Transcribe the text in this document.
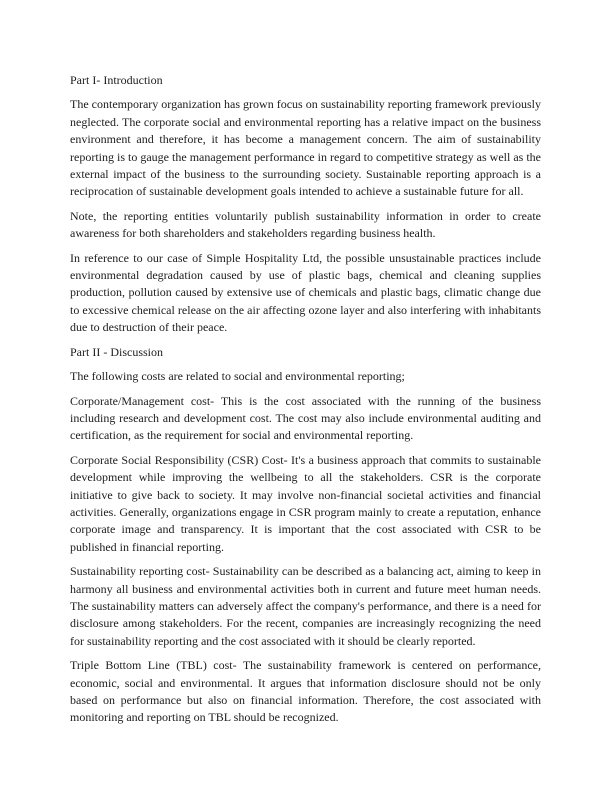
Part I- Introduction

The contemporary organization has grown focus on sustainability reporting framework previously neglected. The corporate social and environmental reporting has a relative impact on the business environment and therefore, it has become a management concern. The aim of sustainability reporting is to gauge the management performance in regard to competitive strategy as well as the external impact of the business to the surrounding society. Sustainable reporting approach is a reciprocation of sustainable development goals intended to achieve a sustainable future for all.

Note, the reporting entities voluntarily publish sustainability information in order to create awareness for both shareholders and stakeholders regarding business health.

In reference to our case of Simple Hospitality Ltd, the possible unsustainable practices include environmental degradation caused by use of plastic bags, chemical and cleaning supplies production, pollution caused by extensive use of chemicals and plastic bags, climatic change due to excessive chemical release on the air affecting ozone layer and also interfering with inhabitants due to destruction of their peace.

Part II - Discussion

The following costs are related to social and environmental reporting;

Corporate/Management cost- This is the cost associated with the running of the business including research and development cost. The cost may also include environmental auditing and certification, as the requirement for social and environmental reporting.

Corporate Social Responsibility (CSR) Cost- It's a business approach that commits to sustainable development while improving the wellbeing to all the stakeholders. CSR is the corporate initiative to give back to society. It may involve non-financial societal activities and financial activities. Generally, organizations engage in CSR program mainly to create a reputation, enhance corporate image and transparency. It is important that the cost associated with CSR to be published in financial reporting.

Sustainability reporting cost- Sustainability can be described as a balancing act, aiming to keep in harmony all business and environmental activities both in current and future meet human needs. The sustainability matters can adversely affect the company's performance, and there is a need for disclosure among stakeholders. For the recent, companies are increasingly recognizing the need for sustainability reporting and the cost associated with it should be clearly reported.

Triple Bottom Line (TBL) cost- The sustainability framework is centered on performance, economic, social and environmental. It argues that information disclosure should not be only based on performance but also on financial information. Therefore, the cost associated with monitoring and reporting on TBL should be recognized.
